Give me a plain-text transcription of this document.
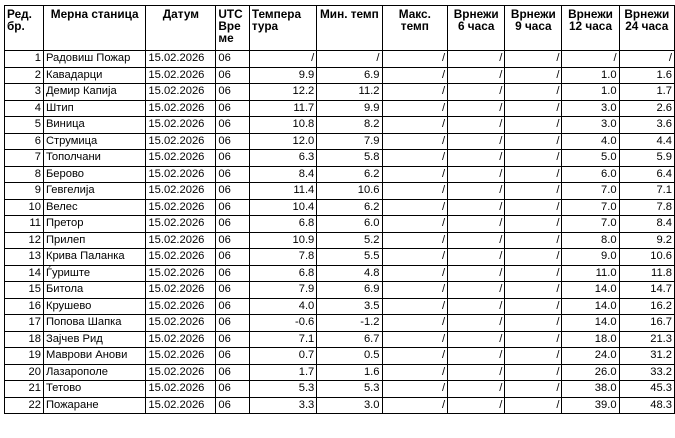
Ред. бр.	Мерна станица	Датум	UTC Вре ме	Темпера тура	Мин. темп	Макс. темп	Врнежи 6 часа	Врнежи 9 часа	Врнежи 12 часа	Врнежи 24 часа
1	Радовиш Пожар	15.02.2026	06	/	/	/	/	/	/	/
2	Кавадарци	15.02.2026	06	9.9	6.9	/	/	/	1.0	1.6
3	Демир Капија	15.02.2026	06	12.2	11.2	/	/	/	1.0	1.7
4	Штип	15.02.2026	06	11.7	9.9	/	/	/	3.0	2.6
5	Виница	15.02.2026	06	10.8	8.2	/	/	/	3.0	3.6
6	Струмица	15.02.2026	06	12.0	7.9	/	/	/	4.0	4.4
7	Тополчани	15.02.2026	06	6.3	5.8	/	/	/	5.0	5.9
8	Берово	15.02.2026	06	8.4	6.2	/	/	/	6.0	6.4
9	Гевгелија	15.02.2026	06	11.4	10.6	/	/	/	7.0	7.1
10	Велес	15.02.2026	06	10.4	6.2	/	/	/	7.0	7.8
11	Претор	15.02.2026	06	6.8	6.0	/	/	/	7.0	8.4
12	Прилеп	15.02.2026	06	10.9	5.2	/	/	/	8.0	9.2
13	Крива Паланка	15.02.2026	06	7.8	5.5	/	/	/	9.0	10.6
14	Ѓуриште	15.02.2026	06	6.8	4.8	/	/	/	11.0	11.8
15	Битола	15.02.2026	06	7.9	6.9	/	/	/	14.0	14.7
16	Крушево	15.02.2026	06	4.0	3.5	/	/	/	14.0	16.2
17	Попова Шапка	15.02.2026	06	-0.6	-1.2	/	/	/	14.0	16.7
18	Зајчев Рид	15.02.2026	06	7.1	6.7	/	/	/	18.0	21.3
19	Маврови Анови	15.02.2026	06	0.7	0.5	/	/	/	24.0	31.2
20	Лазарополе	15.02.2026	06	1.7	1.6	/	/	/	26.0	33.2
21	Тетово	15.02.2026	06	5.3	5.3	/	/	/	38.0	45.3
22	Пожаране	15.02.2026	06	3.3	3.0	/	/	/	39.0	48.3
